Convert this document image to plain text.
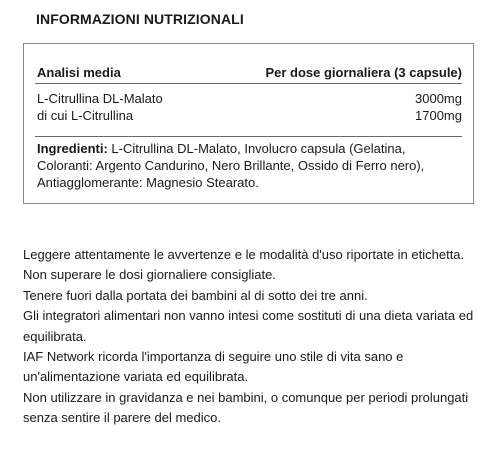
INFORMAZIONI NUTRIZIONALI
Analisi media	Per dose giornaliera (3 capsule)
L-Citrullina DL-Malato	3000mg
di cui L-Citrullina	1700mg
Ingredienti: L-Citrullina DL-Malato, Involucro capsula (Gelatina, Coloranti: Argento Candurino, Nero Brillante, Ossido di Ferro nero), Antiagglomerante: Magnesio Stearato.

Leggere attentamente le avvertenze e le modalità d'uso riportate in etichetta.

Non superare le dosi giornaliere consigliate.

Tenere fuori dalla portata dei bambini al di sotto dei tre anni.

Gli integratori alimentari non vanno intesi come sostituti di una dieta variata ed equilibrata.

IAF Network ricorda l'importanza di seguire uno stile di vita sano e un'alimentazione variata ed equilibrata.

Non utilizzare in gravidanza e nei bambini, o comunque per periodi prolungati senza sentire il parere del medico.
